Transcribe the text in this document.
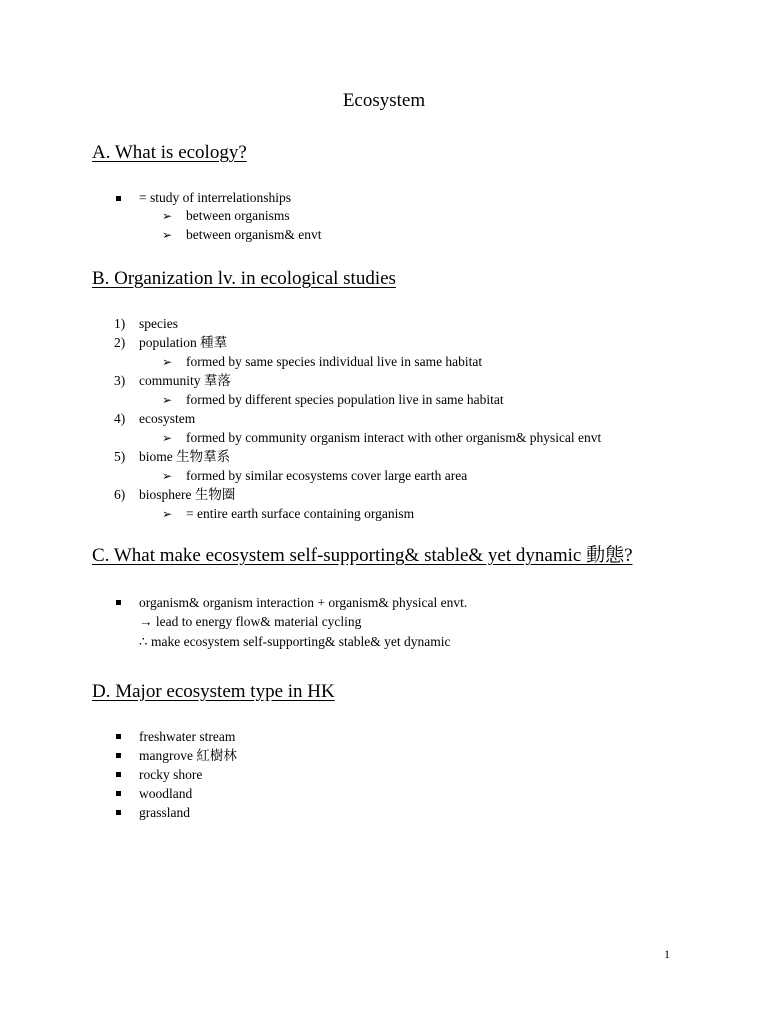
Ecosystem
A. What is ecology?
= study of interrelationships
➢ between organisms
➢ between organism& envt
B. Organization lv. in ecological studies
1) species
2) population 種羣
➢ formed by same species individual live in same habitat
3) community 羣落
➢ formed by different species population live in same habitat
4) ecosystem
➢ formed by community organism interact with other organism& physical envt
5) biome 生物羣系
➢ formed by similar ecosystems cover large earth area
6) biosphere 生物圈
➢ = entire earth surface containing organism
C. What make ecosystem self-supporting& stable& yet dynamic 動態?
organism& organism interaction + organism& physical envt.
→ lead to energy flow& material cycling
∴ make ecosystem self-supporting& stable& yet dynamic
D. Major ecosystem type in HK
freshwater stream
mangrove 紅樹林
rocky shore
woodland
grassland
1
